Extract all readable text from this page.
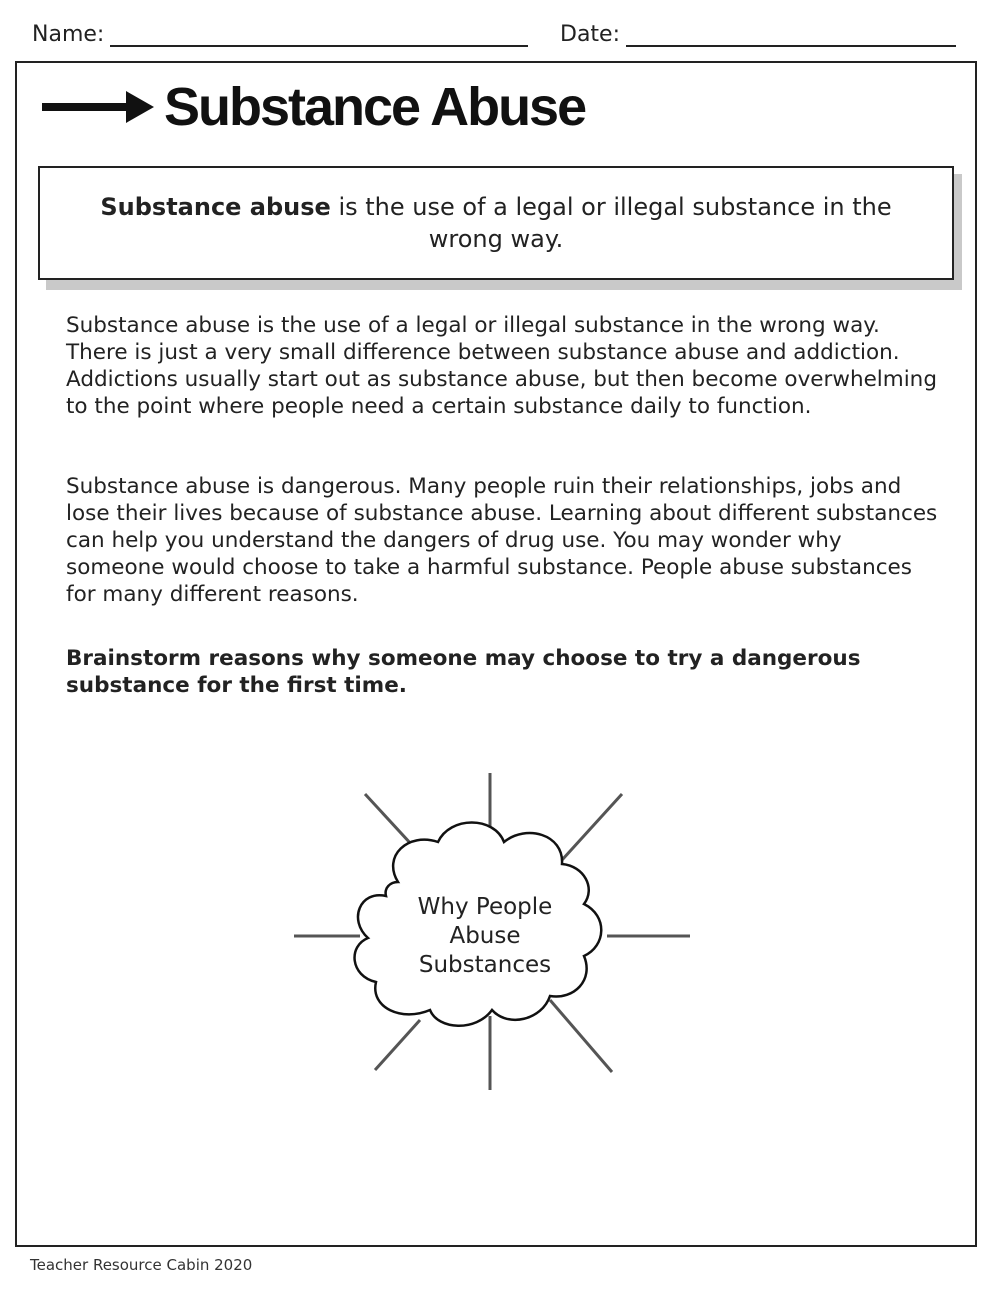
Name:	Date:
Substance Abuse
Substance abuse is the use of a legal or illegal substance in the wrong way.

Substance abuse is the use of a legal or illegal substance in the wrong way. There is just a very small difference between substance abuse and addiction. Addictions usually start out as substance abuse, but then become overwhelming to the point where people need a certain substance daily to function.

Substance abuse is dangerous. Many people ruin their relationships, jobs and lose their lives because of substance abuse. Learning about different substances can help you understand the dangers of drug use. You may wonder why someone would choose to take a harmful substance. People abuse substances for many different reasons.

Brainstorm reasons why someone may choose to try a dangerous substance for the first time.

Why People Abuse Substances
Teacher Resource Cabin 2020
